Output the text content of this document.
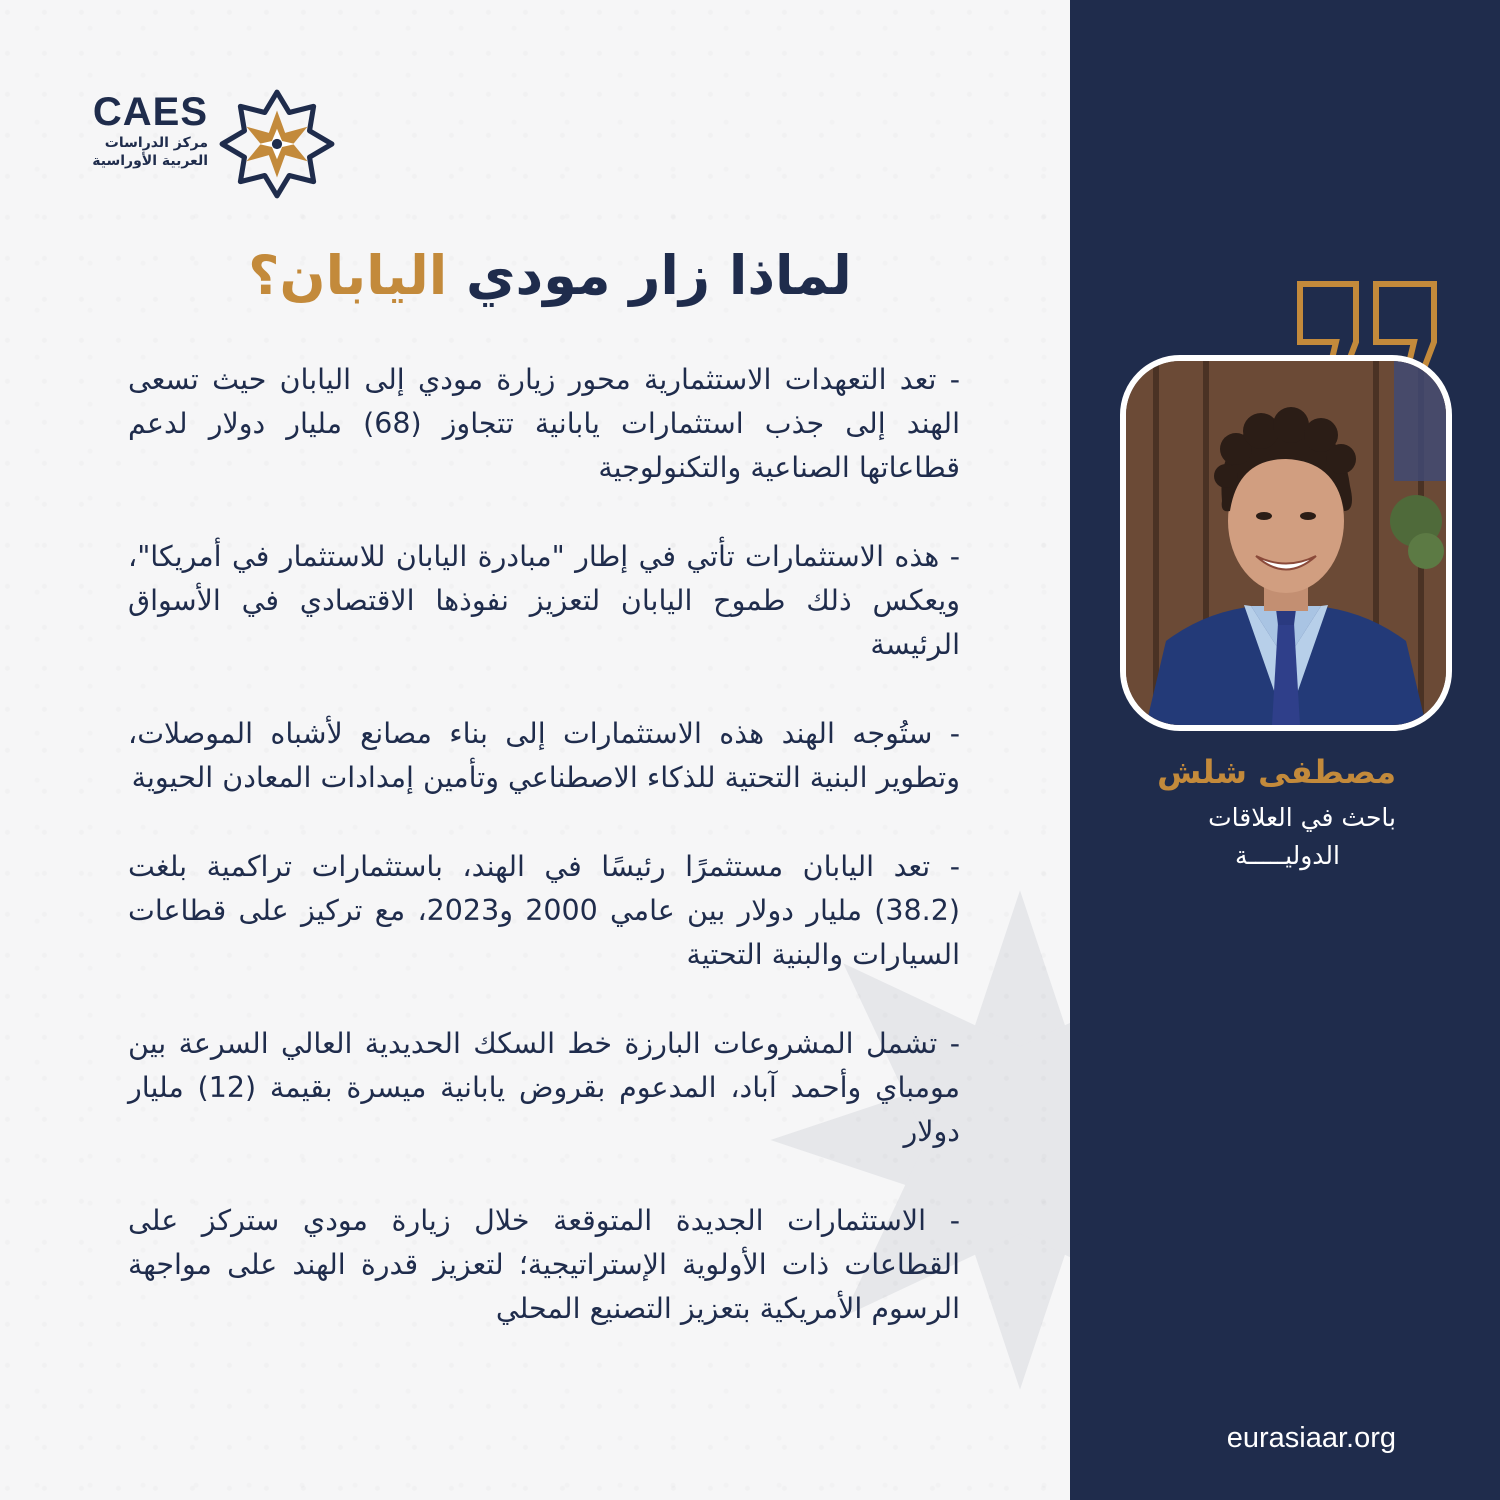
CAES
مركز الدراسات
العربية الأوراسية
لماذا زار مودي اليابان؟

- تعد التعهدات الاستثمارية محور زيارة مودي إلى اليابان حيث تسعى الهند إلى جذب استثمارات يابانية تتجاوز (68) مليار دولار لدعم قطاعاتها الصناعية والتكنولوجية

- هذه الاستثمارات تأتي في إطار "مبادرة اليابان للاستثمار في أمريكا"، ويعكس ذلك طموح اليابان لتعزيز نفوذها الاقتصادي في الأسواق الرئيسة

- ستُوجه الهند هذه الاستثمارات إلى بناء مصانع لأشباه الموصلات، وتطوير البنية التحتية للذكاء الاصطناعي وتأمين إمدادات المعادن الحيوية

- تعد اليابان مستثمرًا رئيسًا في الهند، باستثمارات تراكمية بلغت (38.2) مليار دولار بين عامي 2000 و2023، مع تركيز على قطاعات السيارات والبنية التحتية

- تشمل المشروعات البارزة خط السكك الحديدية العالي السرعة بين مومباي وأحمد آباد، المدعوم بقروض يابانية ميسرة بقيمة (12) مليار دولار

- الاستثمارات الجديدة المتوقعة خلال زيارة مودي ستركز على القطاعات ذات الأولوية الإستراتيجية؛ لتعزيز قدرة الهند على مواجهة الرسوم الأمريكية بتعزيز التصنيع المحلي

مصطفى شلش
باحث في العلاقات
الدوليـــــة
eurasiaar.org
